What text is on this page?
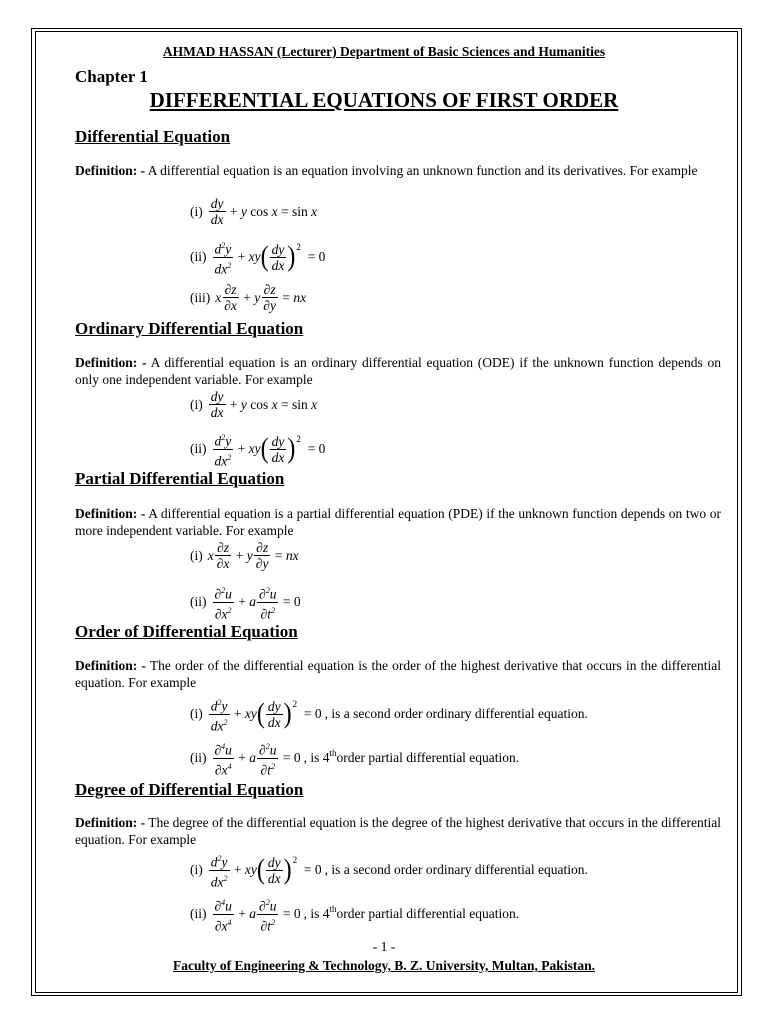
AHMAD HASSAN (Lecturer) Department of Basic Sciences and Humanities
Chapter 1
DIFFERENTIAL EQUATIONS OF FIRST ORDER
Differential Equation
Definition: - A differential equation is an equation involving an unknown function and its derivatives. For example
$(i) \frac{dy}{dx} + y$ cos x = sin x
$(ii) \frac{d^2y}{dx^2}$ + xy ( $\frac{dy}{dx}$ ) 2
= 0
(iii) x $\frac{\partial z}{\partial x} + y \frac{\partial z}{\partial y}$ = nx
Ordinary Differential Equation
Definition: - A differential equation is an ordinary differential equation (ODE) if the unknown function depends on only one independent variable. For example
$(i) \frac{dy}{dx} + y$ cos x = sin x
$(ii) \frac{d^2y}{dx^2}$ + xy ( $\frac{dy}{dx}$ ) 2
= 0
Partial Differential Equation
Definition: - A differential equation is a partial differential equation (PDE) if the unknown function depends on two or more independent variable. For example
(i) x $\frac{\partial z}{\partial x} + y \frac{\partial z}{\partial y}$ = nx
$(ii) \frac{\partial^2u}{\partial x^2} + a \frac{\partial^2u}{\partial t^2} = 0$
Order of Differential Equation
Definition: - The order of the differential equation is the order of the highest derivative that occurs in the differential equation. For example
$(i) \frac{d^2y}{dx^2}$ + xy ( $\frac{dy}{dx}$ ) 2
= 0 , is a second order ordinary differential equation.
$(ii) \frac{\partial^4u}{\partial x^4} + a \frac{\partial^2u}{\partial t^2} = 0$ , is 4 th order partial differential equation.
Degree of Differential Equation
Definition: - The degree of the differential equation is the degree of the highest derivative that occurs in the differential equation. For example
$(i) \frac{d^2y}{dx^2}$ + xy ( $\frac{dy}{dx}$ ) 2
= 0 , is a second order ordinary differential equation.
$(ii) \frac{\partial^4u}{\partial x^4} + a \frac{\partial^2u}{\partial t^2} = 0$ , is 4 th order partial differential equation.
- 1 -
Faculty of Engineering & Technology, B. Z. University, Multan, Pakistan.
